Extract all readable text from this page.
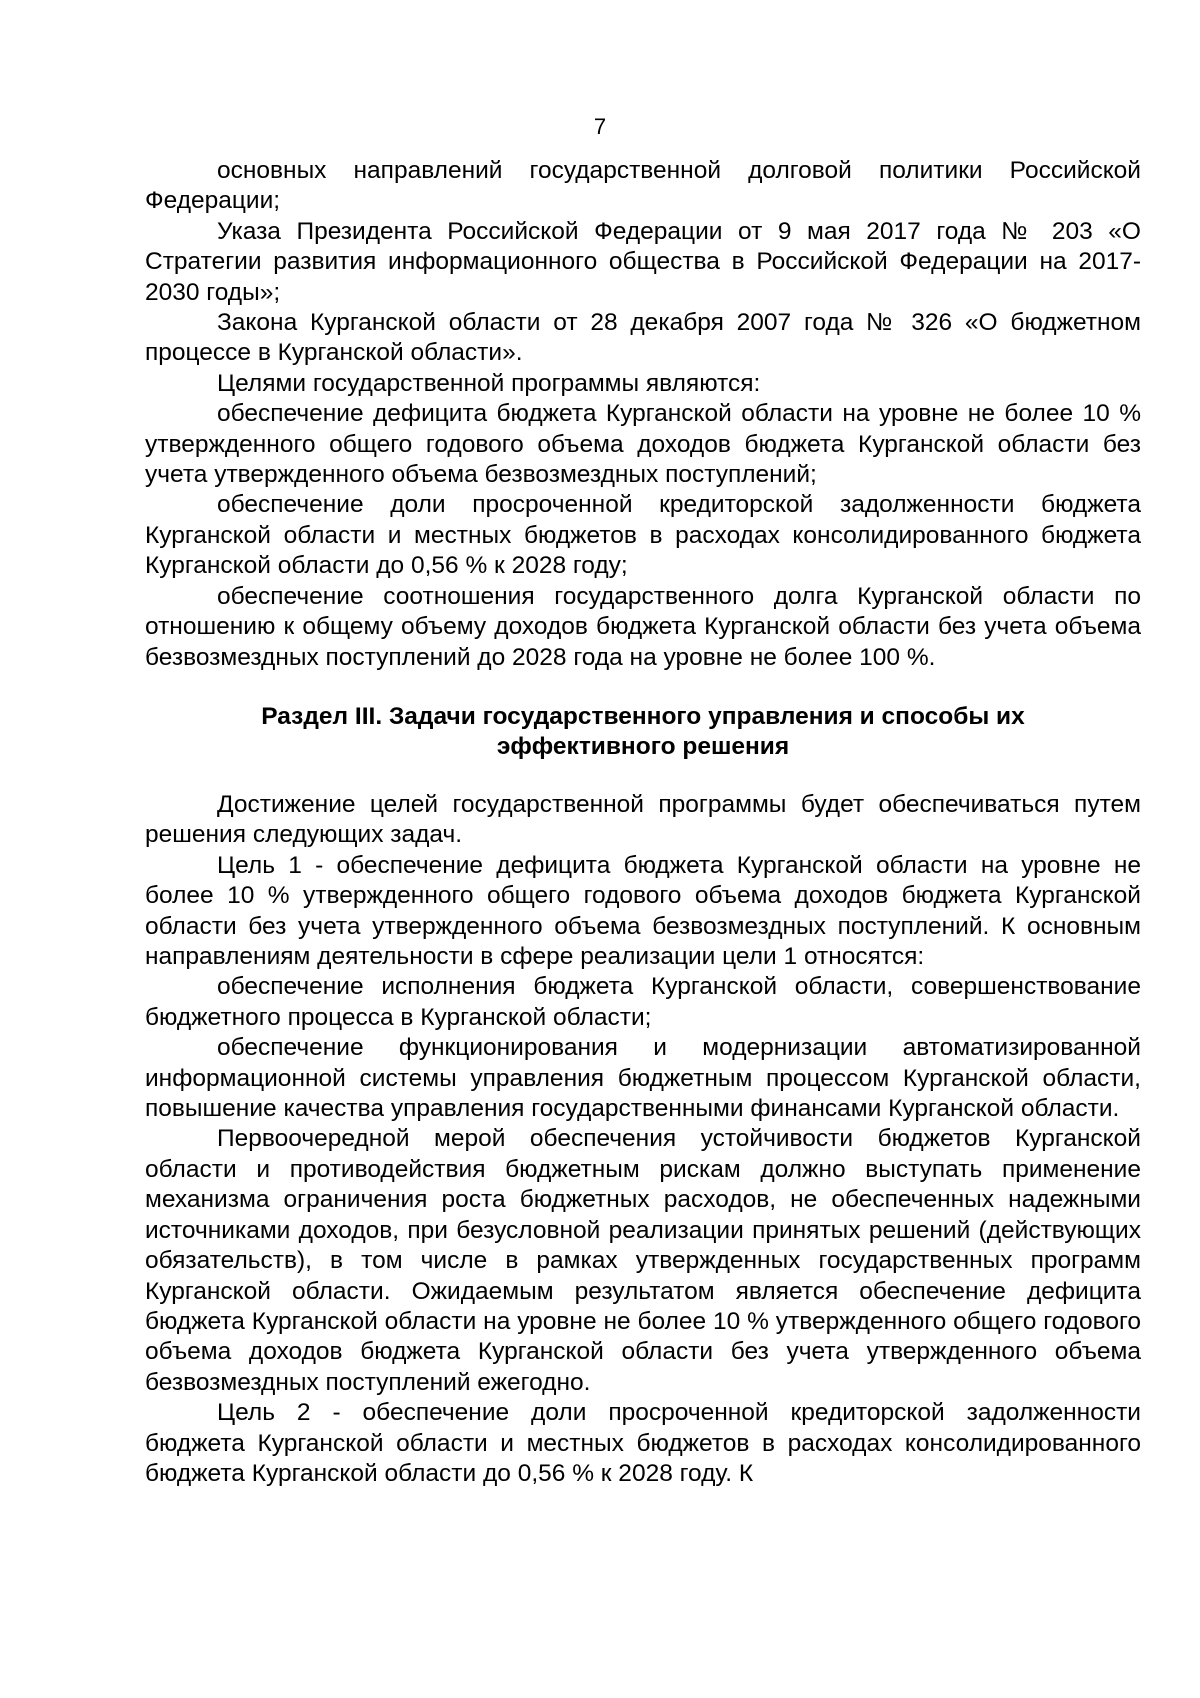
7

основных направлений государственной долговой политики Российской Федерации;

Указа Президента Российской Федерации от 9 мая 2017 года № 203 «О Стратегии развития информационного общества в Российской Федерации на 2017-2030 годы»;

Закона Курганской области от 28 декабря 2007 года № 326 «О бюджетном процессе в Курганской области».

Целями государственной программы являются:

обеспечение дефицита бюджета Курганской области на уровне не более 10 % утвержденного общего годового объема доходов бюджета Курганской области без учета утвержденного объема безвозмездных поступлений;

обеспечение доли просроченной кредиторской задолженности бюджета Курганской области и местных бюджетов в расходах консолидированного бюджета Курганской области до 0,56 % к 2028 году;

обеспечение соотношения государственного долга Курганской области по отношению к общему объему доходов бюджета Курганской области без учета объема безвозмездных поступлений до 2028 года на уровне не более 100 %.

Раздел III. Задачи государственного управления и способы их
эффективного решения

Достижение целей государственной программы будет обеспечиваться путем решения следующих задач.

Цель 1 - обеспечение дефицита бюджета Курганской области на уровне не более 10 % утвержденного общего годового объема доходов бюджета Курганской области без учета утвержденного объема безвозмездных поступлений. К основным направлениям деятельности в сфере реализации цели 1 относятся:

обеспечение исполнения бюджета Курганской области, совершенствование бюджетного процесса в Курганской области;

обеспечение функционирования и модернизации автоматизированной информационной системы управления бюджетным процессом Курганской области, повышение качества управления государственными финансами Курганской области.

Первоочередной мерой обеспечения устойчивости бюджетов Курганской области и противодействия бюджетным рискам должно выступать применение механизма ограничения роста бюджетных расходов, не обеспеченных надежными источниками доходов, при безусловной реализации принятых решений (действующих обязательств), в том числе в рамках утвержденных государственных программ Курганской области. Ожидаемым результатом является обеспечение дефицита бюджета Курганской области на уровне не более 10 % утвержденного общего годового объема доходов бюджета Курганской области без учета утвержденного объема безвозмездных поступлений ежегодно.

Цель 2 - обеспечение доли просроченной кредиторской задолженности бюджета Курганской области и местных бюджетов в расходах консолидированного бюджета Курганской области до 0,56 % к 2028 году. К
